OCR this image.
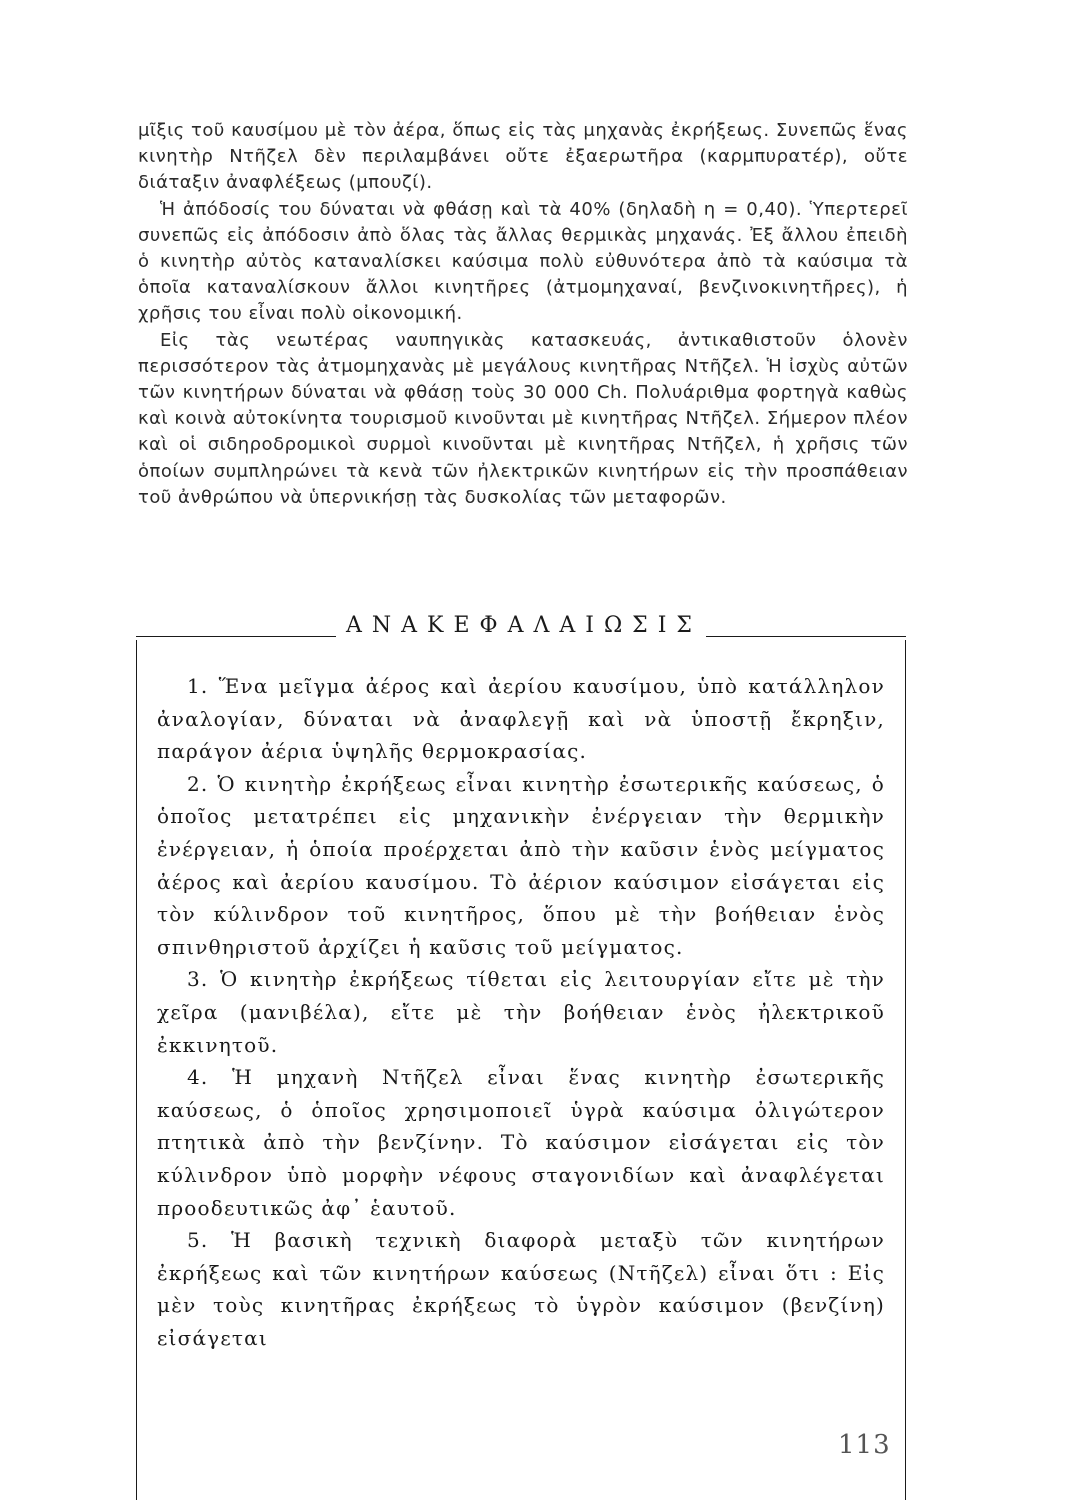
μῖξις τοῦ καυσίμου μὲ τὸν ἀέρα, ὅπως εἰς τὰς μηχανὰς ἐκρήξεως. Συνεπῶς ἕνας κινητὴρ Ντῆζελ δὲν περιλαμβάνει οὔτε ἐξαερωτῆρα (καρμπυρατέρ), οὔτε διάταξιν ἀναφλέξεως (μπουζί).

Ἡ ἀπόδοσίς του δύναται νὰ φθάσῃ καὶ τὰ 40% (δηλαδὴ η = 0,40). Ὑπερτερεῖ συνεπῶς εἰς ἀπόδοσιν ἀπὸ ὅλας τὰς ἄλλας θερμικὰς μηχανάς. Ἐξ ἄλλου ἐπειδὴ ὁ κινητὴρ αὐτὸς καταναλίσκει καύσιμα πολὺ εὐθυνότερα ἀπὸ τὰ καύσιμα τὰ ὁποῖα καταναλίσκουν ἄλλοι κινητῆρες (ἀτμομηχαναί, βενζινοκινητῆρες), ἡ χρῆσις του εἶναι πολὺ οἰκονομική.

Εἰς τὰς νεωτέρας ναυπηγικὰς κατασκευάς, ἀντικαθιστοῦν ὁλονὲν περισσότερον τὰς ἀτμομηχανὰς μὲ μεγάλους κινητῆρας Ντῆζελ. Ἡ ἰσχὺς αὐτῶν τῶν κινητήρων δύναται νὰ φθάσῃ τοὺς 30 000 Ch. Πολυάριθμα φορτηγὰ καθὼς καὶ κοινὰ αὐτοκίνητα τουρισμοῦ κινοῦνται μὲ κινητῆρας Ντῆζελ. Σήμερον πλέον καὶ οἱ σιδηροδρομικοὶ συρμοὶ κινοῦνται μὲ κινητῆρας Ντῆζελ, ἡ χρῆσις τῶν ὁποίων συμπληρώνει τὰ κενὰ τῶν ἠλεκτρικῶν κινητήρων εἰς τὴν προσπάθειαν τοῦ ἀνθρώπου νὰ ὑπερνικήσῃ τὰς δυσκολίας τῶν μεταφορῶν.

ΑΝΑΚΕΦΑΛΑΙΩΣΙΣ

1. Ἕνα μεῖγμα ἀέρος καὶ ἀερίου καυσίμου, ὑπὸ κατάλληλον ἀναλογίαν, δύναται νὰ ἀναφλεγῇ καὶ νὰ ὑποστῇ ἔκρηξιν, παράγον ἀέρια ὑψηλῆς θερμοκρασίας.

2. Ὁ κινητὴρ ἐκρήξεως εἶναι κινητὴρ ἐσωτερικῆς καύσεως, ὁ ὁποῖος μετατρέπει εἰς μηχανικὴν ἐνέργειαν τὴν θερμικὴν ἐνέργειαν, ἡ ὁποία προέρχεται ἀπὸ τὴν καῦσιν ἑνὸς μείγματος ἀέρος καὶ ἀερίου καυσίμου. Τὸ ἀέριον καύσιμον εἰσάγεται εἰς τὸν κύλινδρον τοῦ κινητῆρος, ὅπου μὲ τὴν βοήθειαν ἑνὸς σπινθηριστοῦ ἀρχίζει ἡ καῦσις τοῦ μείγματος.

3. Ὁ κινητὴρ ἐκρήξεως τίθεται εἰς λειτουργίαν εἴτε μὲ τὴν χεῖρα (μανιβέλα), εἴτε μὲ τὴν βοήθειαν ἑνὸς ἠλεκτρικοῦ ἐκκινητοῦ.

4. Ἡ μηχανὴ Ντῆζελ εἶναι ἕνας κινητὴρ ἐσωτερικῆς καύσεως, ὁ ὁποῖος χρησιμοποιεῖ ὑγρὰ καύσιμα ὀλιγώτερον πτητικὰ ἀπὸ τὴν βενζίνην. Τὸ καύσιμον εἰσάγεται εἰς τὸν κύλινδρον ὑπὸ μορφὴν νέφους σταγονιδίων καὶ ἀναφλέγεται προοδευτικῶς ἀφ᾽ ἑαυτοῦ.

5. Ἡ βασικὴ τεχνικὴ διαφορὰ μεταξὺ τῶν κινητήρων ἐκρήξεως καὶ τῶν κινητήρων καύσεως (Ντῆζελ) εἶναι ὅτι : Εἰς μὲν τοὺς κινητῆρας ἐκρήξεως τὸ ὑγρὸν καύσιμον (βενζίνη) εἰσάγεται

113
